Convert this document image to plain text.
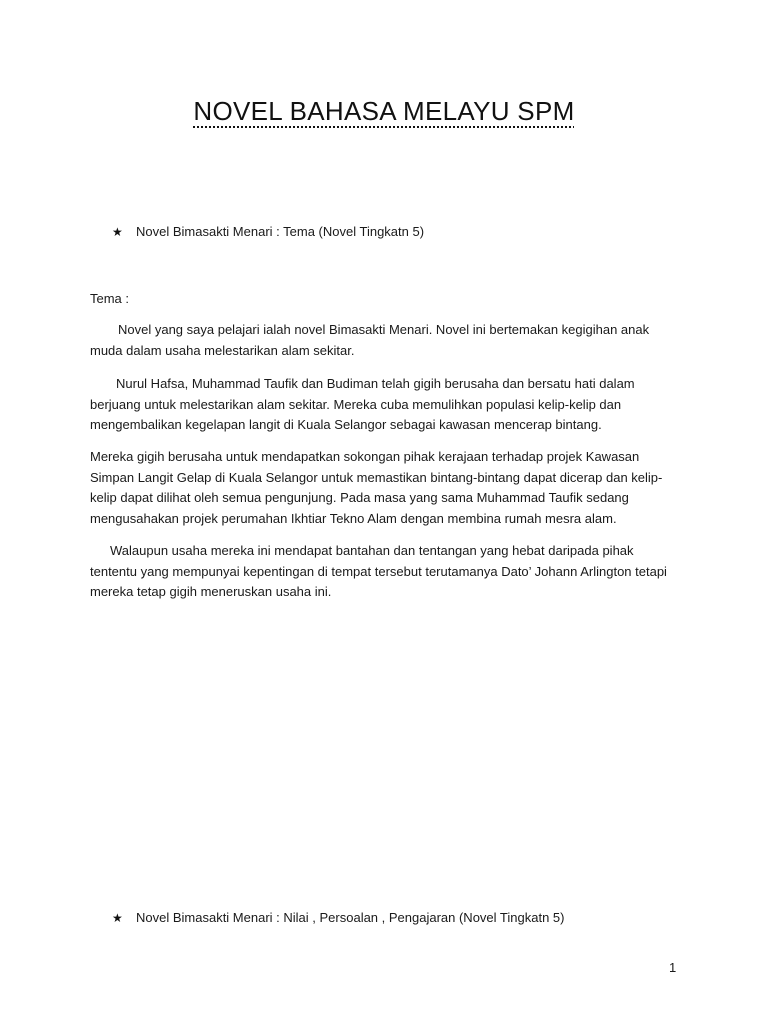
NOVEL BAHASA MELAYU SPM
★	Novel Bimasakti Menari : Tema (Novel Tingkatn 5)
Tema :

Novel yang saya pelajari ialah novel Bimasakti Menari. Novel ini bertemakan kegigihan anak muda dalam usaha melestarikan alam sekitar.

Nurul Hafsa, Muhammad Taufik dan Budiman telah gigih berusaha dan bersatu hati dalam berjuang untuk melestarikan alam sekitar. Mereka cuba memulihkan populasi kelip-kelip dan mengembalikan kegelapan langit di Kuala Selangor sebagai kawasan mencerap bintang.

Mereka gigih berusaha untuk mendapatkan sokongan pihak kerajaan terhadap projek Kawasan Simpan Langit Gelap di Kuala Selangor untuk memastikan bintang-bintang dapat dicerap dan kelip-kelip dapat dilihat oleh semua pengunjung. Pada masa yang sama Muhammad Taufik sedang mengusahakan projek perumahan Ikhtiar Tekno Alam dengan membina rumah mesra alam.

Walaupun usaha mereka ini mendapat bantahan dan tentangan yang hebat daripada pihak tententu yang mempunyai kepentingan di tempat tersebut terutamanya Dato’ Johann Arlington tetapi mereka tetap gigih meneruskan usaha ini.

★	Novel Bimasakti Menari : Nilai , Persoalan , Pengajaran (Novel Tingkatn 5)
1
